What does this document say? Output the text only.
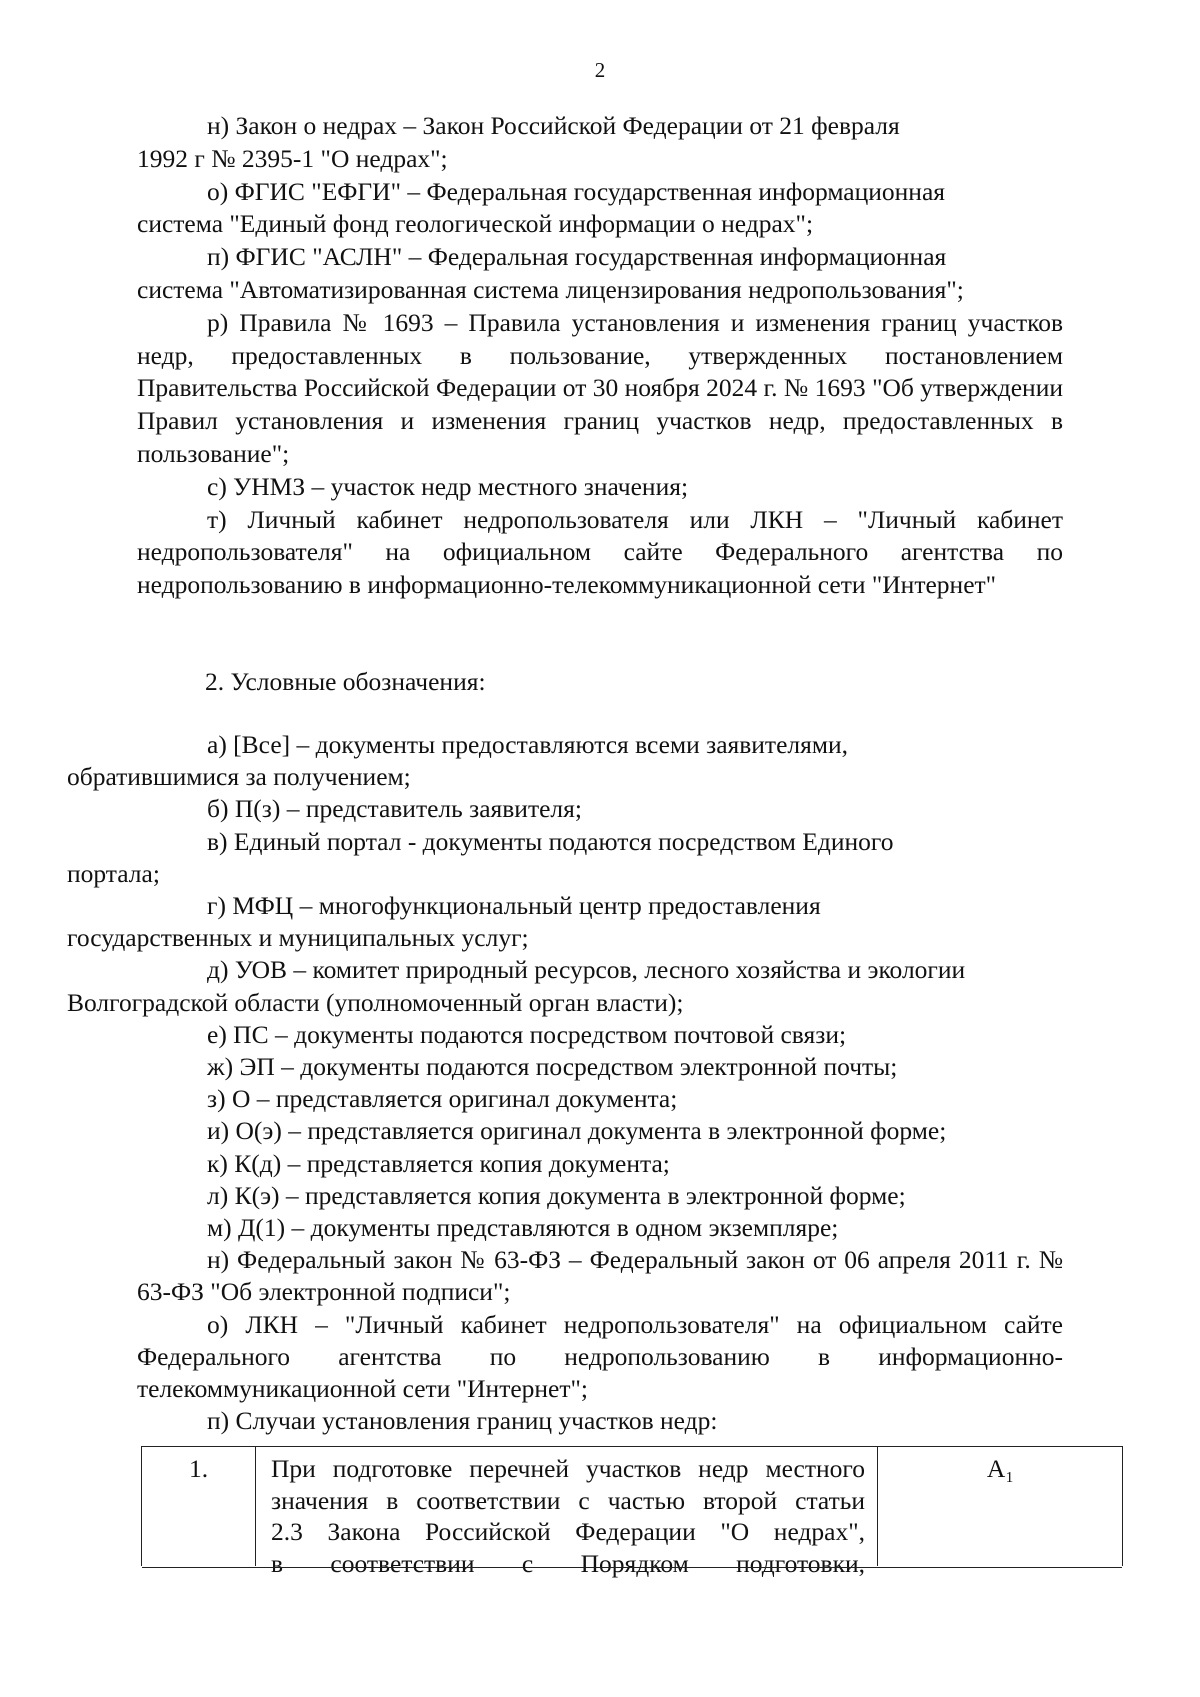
2

н) Закон о недрах – Закон Российской Федерации от 21 февраля
1992 г № 2395-1 "О недрах";

о) ФГИС "ЕФГИ" – Федеральная государственная информационная
система "Единый фонд геологической информации о недрах";

п) ФГИС "АСЛН" – Федеральная государственная информационная
система "Автоматизированная система лицензирования недропользования";

р) Правила № 1693 – Правила установления и изменения границ участков недр, предоставленных в пользование, утвержденных постановлением Правительства Российской Федерации от 30 ноября 2024 г. № 1693 "Об утверждении Правил установления и изменения границ участков недр, предоставленных в пользование";

с) УНМЗ – участок недр местного значения;

т) Личный кабинет недропользователя или ЛКН – "Личный кабинет недропользователя" на официальном сайте Федерального агентства по недропользованию в информационно-телекоммуникационной сети "Интернет"

2. Условные обозначения:

а) [Все] – документы предоставляются всеми заявителями,
обратившимися за получением;

б) П(з) – представитель заявителя;

в) Единый портал - документы подаются посредством Единого
портала;

г) МФЦ – многофункциональный центр предоставления
государственных и муниципальных услуг;

д) УОВ – комитет природный ресурсов, лесного хозяйства и экологии
Волгоградской области (уполномоченный орган власти);

е) ПС – документы подаются посредством почтовой связи;

ж) ЭП – документы подаются посредством электронной почты;

з) О – представляется оригинал документа;

и) О(э) – представляется оригинал документа в электронной форме;

к) К(д) – представляется копия документа;

л) К(э) – представляется копия документа в электронной форме;

м) Д(1) – документы представляются в одном экземпляре;

н) Федеральный закон № 63-ФЗ – Федеральный закон от 06 апреля 2011 г. № 63-ФЗ "Об электронной подписи";

о) ЛКН – "Личный кабинет недропользователя" на официальном сайте Федерального агентства по недропользованию в информационно- телекоммуникационной сети "Интернет";

п) Случаи установления границ участков недр:

1.	При подготовке перечней участков недр местного
значения в соответствии с частью второй статьи
2.3 Закона Российской Федерации "О недрах",
в соответствии с Порядком подготовки,
A₁
